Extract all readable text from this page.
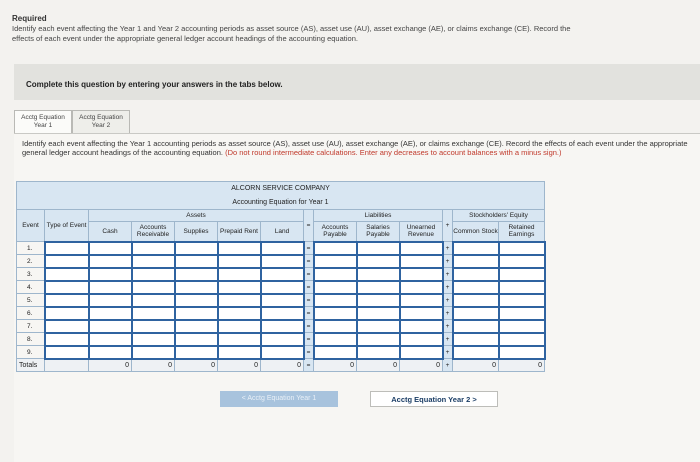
Required
Identify each event affecting the Year 1 and Year 2 accounting periods as asset source (AS), asset use (AU), asset exchange (AE), or claims exchange (CE). Record the effects of each event under the appropriate general ledger account headings of the accounting equation.
Complete this question by entering your answers in the tabs below.
Acctg Equation
Year 1
Acctg Equation
Year 2
Identify each event affecting the Year 1 accounting periods as asset source (AS), asset use (AU), asset exchange (AE), or claims exchange (CE). Record the effects of each event under the appropriate general ledger account headings of the accounting equation. (Do not round intermediate calculations. Enter any decreases to account balances with a minus sign.)
ALCORN SERVICE COMPANY													
Accounting Equation for Year 1													
Event	Type of Event	Assets					=	Liabilities			+	Stockholders' Equity	
		Cash	Accounts Receivable	Supplies	Prepaid Rent	Land		Accounts Payable	Salaries Payable	Unearned Revenue		Common Stock	Retained Earnings
1.							=				+		
2.							=				+		
3.							=				+		
4.							=				+		
5.							=				+		
6.							=				+		
7.							=				+		
8.							=				+		
9.							=				+		
Totals		0	0	0	0	0	=	0	0	0	+	0	0
< Acctg Equation Year 1	Acctg Equation Year 2 >
